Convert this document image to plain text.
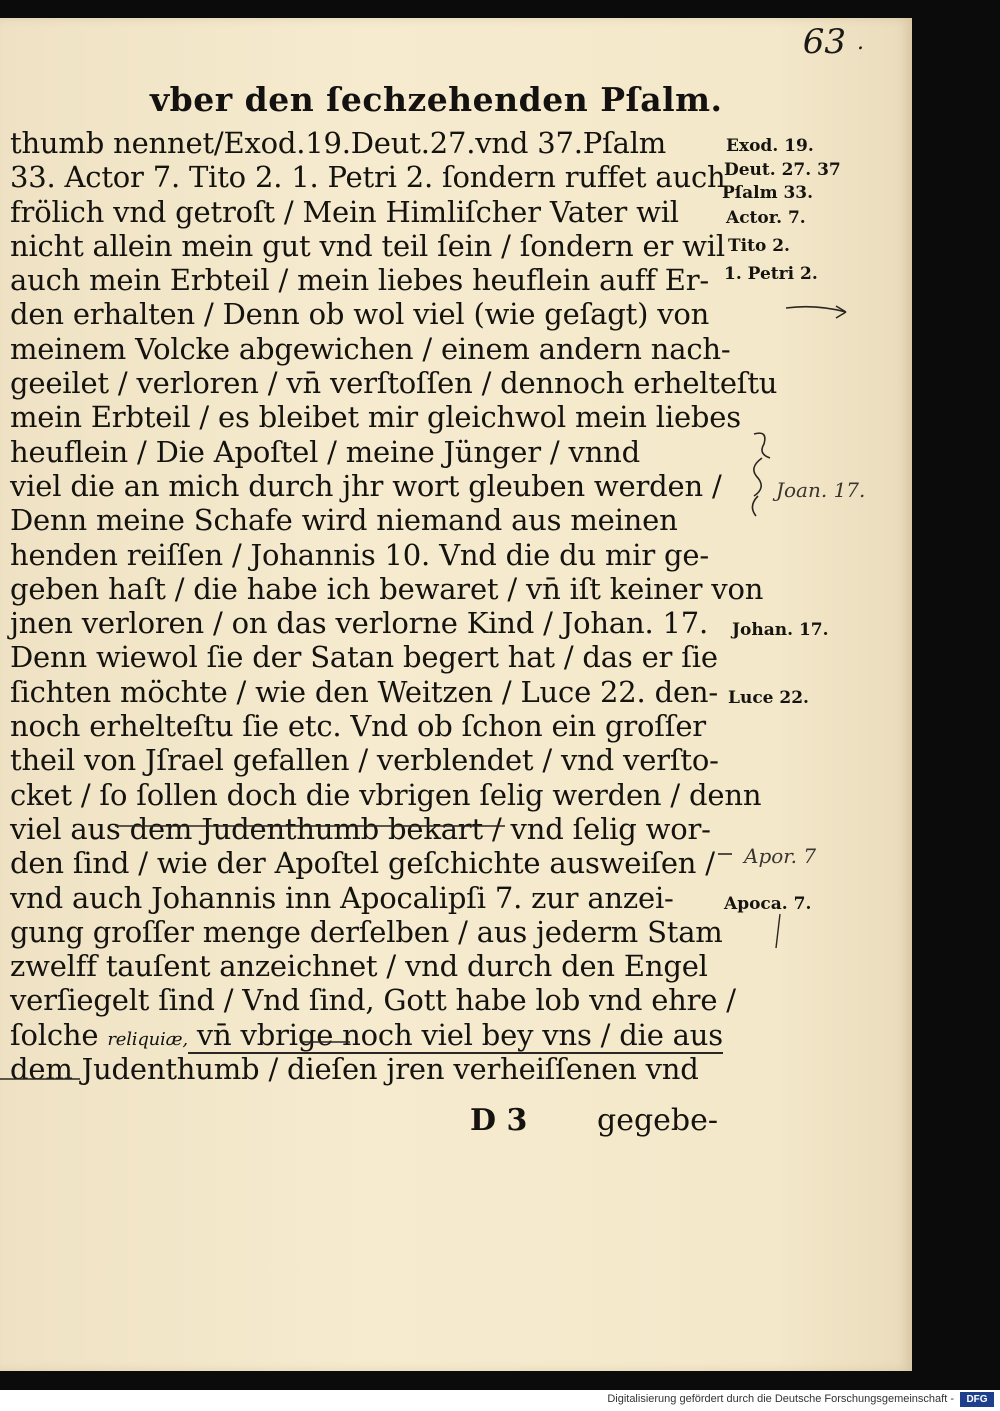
63 .
vber den ſechzehenden Pſalm.
thumb nennet/Exod.19.Deut.27.vnd 37.Pſalm
33. Actor 7. Tito 2. 1. Petri 2. ſondern ruffet auch
frölich vnd getroſt / Mein Himliſcher Vater wil
nicht allein mein gut vnd teil ſein / ſondern er wil
auch mein Erbteil / mein liebes heuflein auff Er-
den erhalten / Denn ob wol viel (wie geſagt) von
meinem Volcke abgewichen / einem andern nach-
geeilet / verloren / vn̄ verſtoſſen / dennoch erhelteſtu
mein Erbteil / es bleibet mir gleichwol mein liebes
heuflein / Die Apoſtel / meine Jünger / vnnd
viel die an mich durch jhr wort gleuben werden /
Denn meine Schafe wird niemand aus meinen
henden reiſſen / Johannis 10. Vnd die du mir ge-
geben haſt / die habe ich bewaret / vn̄ iſt keiner von
jnen verloren / on das verlorne Kind / Johan. 17.
Denn wiewol ſie der Satan begert hat / das er ſie
ſichten möchte / wie den Weitzen / Luce 22. den-
noch erhelteſtu ſie etc. Vnd ob ſchon ein groſſer
theil von Jſrael gefallen / verblendet / vnd verſto-
cket / ſo ſollen doch die vbrigen ſelig werden / denn
viel aus dem Judenthumb bekart / vnd ſelig wor-
den ſind / wie der Apoſtel geſchichte ausweiſen /
vnd auch Johannis inn Apocalipſi 7. zur anzei-
gung groſſer menge derſelben / aus jederm Stam
zwelff tauſent anzeichnet / vnd durch den Engel
verſiegelt ſind / Vnd ſind, Gott habe lob vnd ehre /
ſolche reliquiæ, vn̄ vbrige noch viel bey vns / die aus
dem Judenthumb / dieſen jren verheiſſenen vnd
D 3 gegebe-
Exod. 19.
Deut. 27. 37
Pſalm 33.
Actor. 7.
Tito 2.
1. Petri 2.
Johan. 17.
Luce 22.
Apoca. 7.
Joan. 17.
Apor. 7
Digitalisierung gefördert durch die Deutsche Forschungsgemeinschaft -	DFG
